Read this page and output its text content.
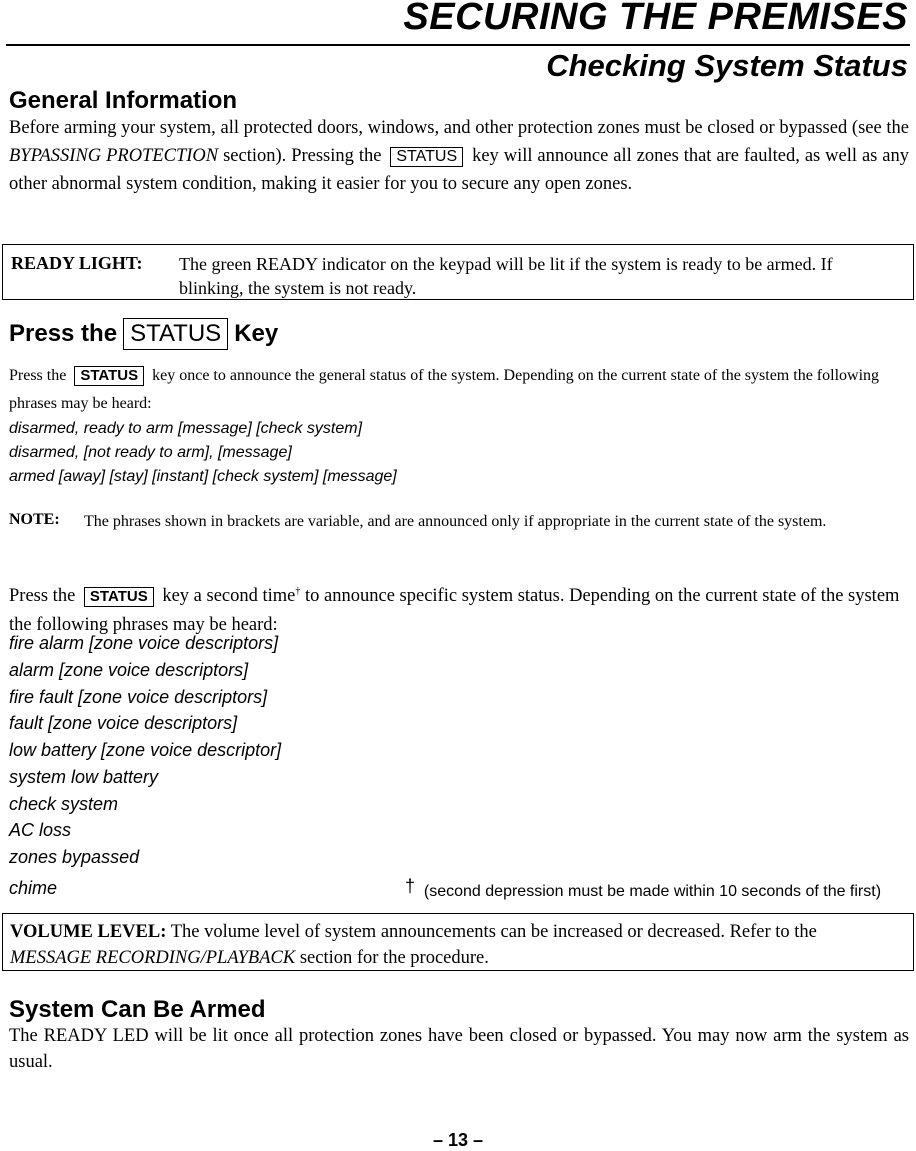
SECURING THE PREMISES
Checking System Status
General Information
Before arming your system, all protected doors, windows, and other protection zones must be closed or bypassed (see the BYPASSING PROTECTION section). Pressing the STATUS key will announce all zones that are faulted, as well as any other abnormal system condition, making it easier for you to secure any open zones.
READY LIGHT: The green READY indicator on the keypad will be lit if the system is ready to be armed. If blinking, the system is not ready.
Press the STATUS Key
Press the STATUS key once to announce the general status of the system. Depending on the current state of the system the following phrases may be heard:
disarmed, ready to arm [message] [check system]
disarmed, [not ready to arm], [message]
armed [away] [stay] [instant] [check system] [message]
NOTE: The phrases shown in brackets are variable, and are announced only if appropriate in the current state of the system.
Press the STATUS key a second time† to announce specific system status. Depending on the current state of the system the following phrases may be heard:
fire alarm [zone voice descriptors]
alarm [zone voice descriptors]
fire fault [zone voice descriptors]
fault [zone voice descriptors]
low battery [zone voice descriptor]
system low battery
check system
AC loss
zones bypassed
chime	† (second depression must be made within 10 seconds of the first)
VOLUME LEVEL: The volume level of system announcements can be increased or decreased. Refer to the MESSAGE RECORDING/PLAYBACK section for the procedure.
System Can Be Armed
The READY LED will be lit once all protection zones have been closed or bypassed. You may now arm the system as usual.
– 13 –
